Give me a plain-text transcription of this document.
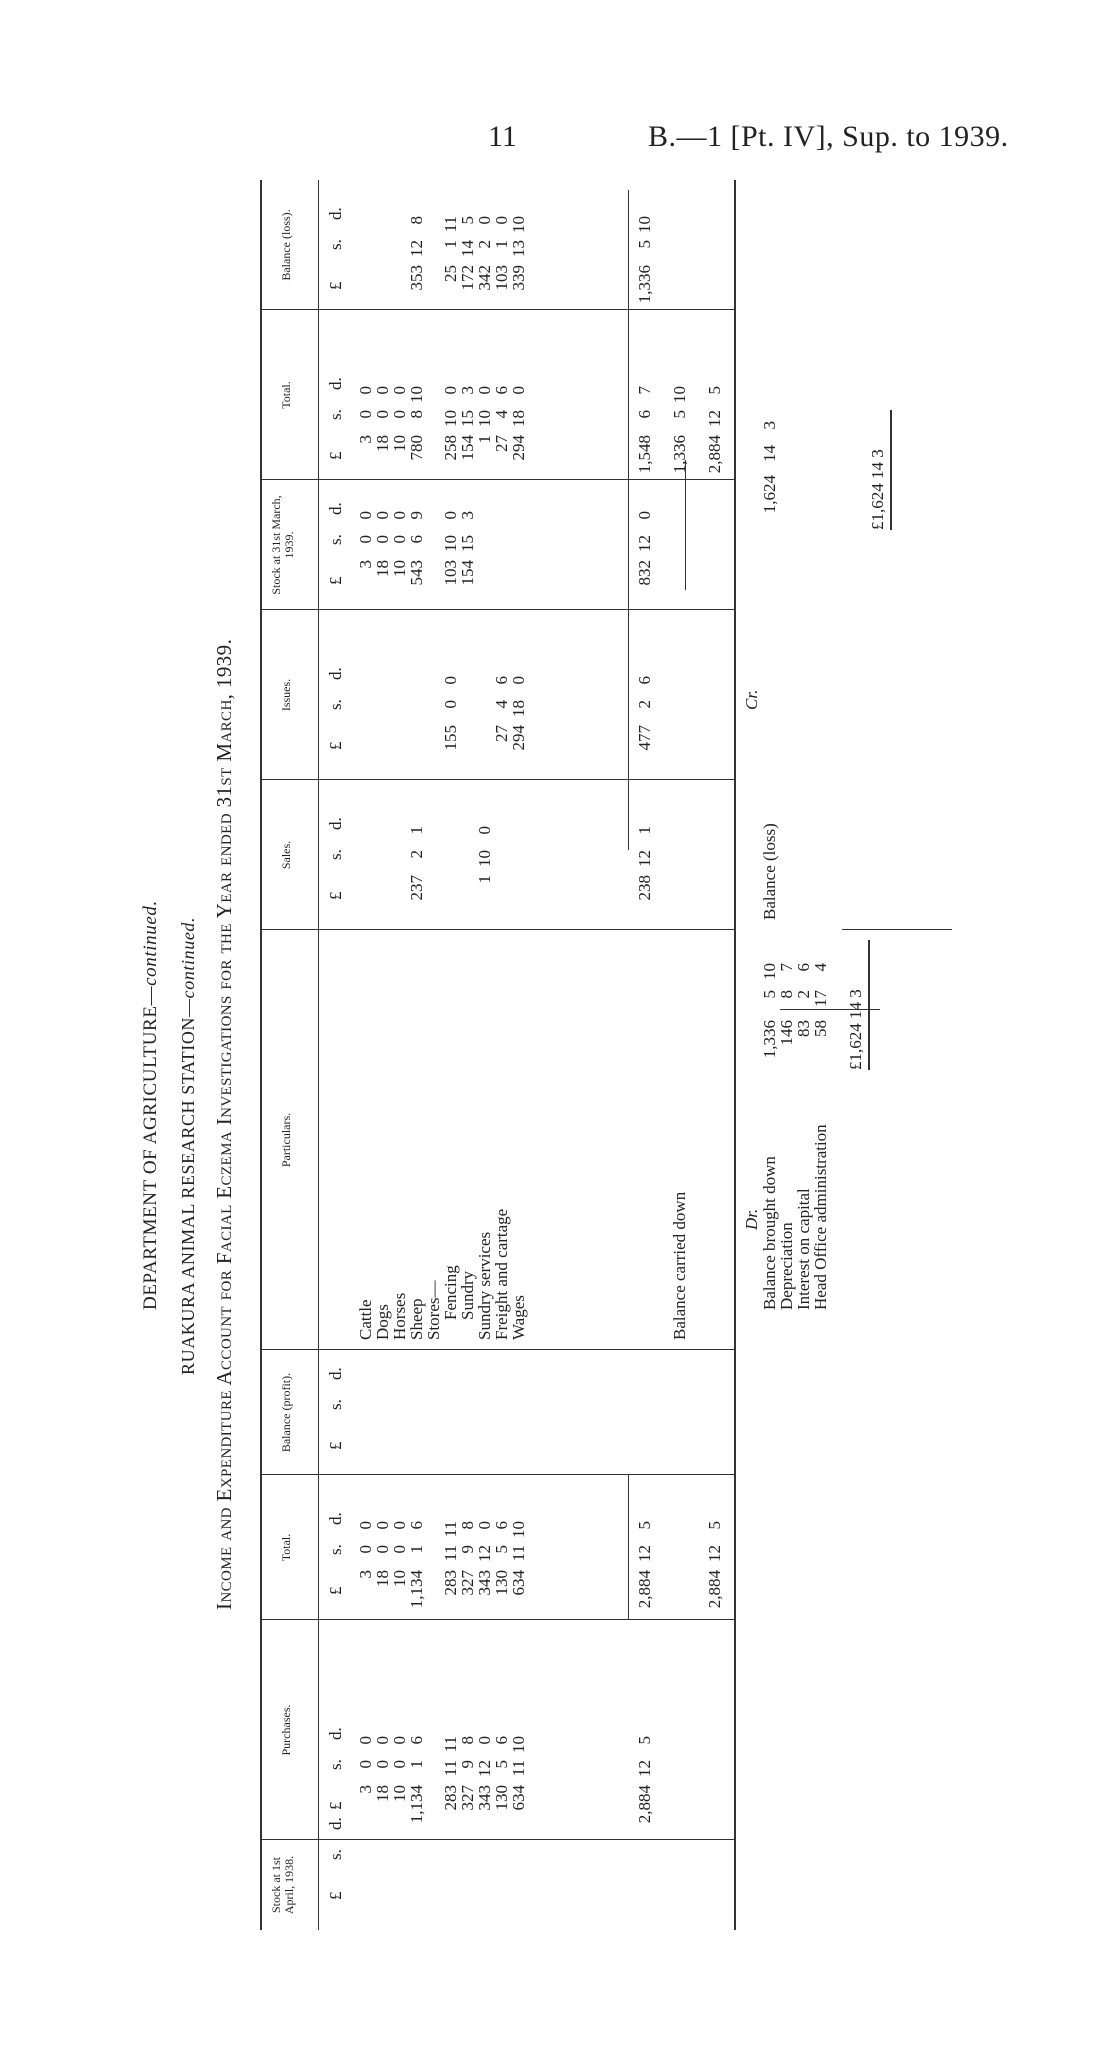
11	B.—1 [Pt. IV], Sup. to 1939.
DEPARTMENT OF AGRICULTURE—continued.
RUAKURA ANIMAL RESEARCH STATION—continued. Income and Expenditure Account for Facial Eczema Investigations for the Year ended 31st March, 1939.
Stock at 1st April, 1938.
Purchases.
Total.
Balance (profit).
Particulars.
Sales.
Issues.
Stock at 31st March, 1939.
Total.
Balance (loss).
£
s.
d.
£
s.
d.
£
s.
d.
£
s.
d.
£
s.
d.
£
s.
d.
£
s.
d.
£
s.
d.
£
s.
d.
Cattle
3
0
0
3
0
0
3
0
0
3
0
0
Dogs
18
0
0
18
0
0
18
0
0
18
0
0
Horses
10
0
0
10
0
0
10
0
0
10
0
0
Sheep
1,134
1
6
1,134
1
6
237
2
1
543
6
9
780
8
10
353
12
8
Stores—
Fencing
283
11
11
283
11
11
155
0
0
103
10
0
258
10
0
25
1
11
Sundry
327
9
8
327
9
8
154
15
3
154
15
3
172
14
5
Sundry services
343
12
0
343
12
0
1
10
0
1
10
0
342
2
0
Freight and cartage
130
5
6
130
5
6
27
4
6
27
4
6
103
1
0
Wages
634
11
10
634
11
10
294
18
0
294
18
0
339
13
10
2,884
12
5
2,884
12
5
238
12
1
477
2
6
832
12
0
1,548
6
7
1,336
5
10
Balance carried down
1,336
5
10
2,884
12
5
2,884
12
5
Dr.
Cr.
Balance brought down
1,336
5
10
Depreciation
146
8
7
Interest on capital
83
2
6
Head Office administration
58
17
4
Balance (loss)
1,624
14
3
£1,624 14 3
£1,624 14 3
